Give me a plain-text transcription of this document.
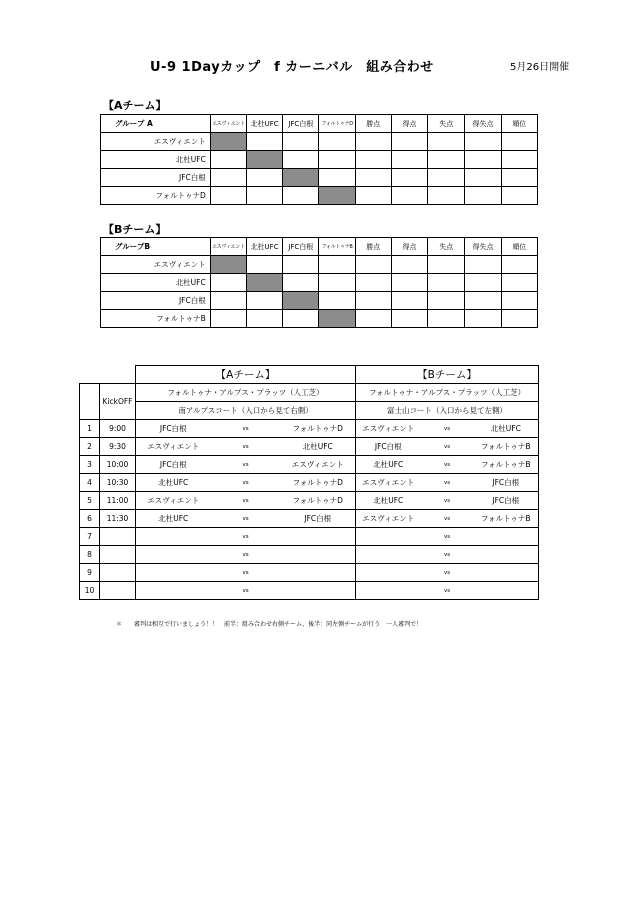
U-9 1Dayカップ　f カーニバル　組み合わせ	5月26日開催
【Aチーム】
グループ A	エスヴィエント	北杜UFC	JFC白根	フォルトゥナD	勝点	得点	失点	得失点	順位
エスヴィエント									
北杜UFC									
JFC白根									
フォルトゥナD									
【Bチーム】
グループB	エスヴィエント	北杜UFC	JFC白根	フォルトゥナB	勝点	得点	失点	得失点	順位
エスヴィエント									
北杜UFC									
JFC白根									
フォルトゥナB									
		【Aチーム】			【Bチーム】		
	KickOFF	フォルトゥナ・アルプス・プラッツ（人工芝）			フォルトゥナ・アルプス・プラッツ（人工芝）		
		南アルプスコート（入口から見て右側）			富士山コート（入口から見て左側）		
1	9:00	JFC白根	vs	フォルトゥナD	エスヴィエント	vs	北杜UFC
2	9:30	エスヴィエント	vs	北杜UFC	JFC白根	vs	フォルトゥナB
3	10:00	JFC白根	vs	エスヴィエント	北杜UFC	vs	フォルトゥナB
4	10:30	北杜UFC	vs	フォルトゥナD	エスヴィエント	vs	JFC白根
5	11:00	エスヴィエント	vs	フォルトゥナD	北杜UFC	vs	JFC白根
6	11:30	北杜UFC	vs	JFC白根	エスヴィエント	vs	フォルトゥナB
7			vs			vs	
8			vs			vs	
9			vs			vs	
10			vs			vs	
＊　　審判は相互で行いましょう！！　前半：組み合わせ右側チーム、後半：同左側チームが行う　一人審判で！
